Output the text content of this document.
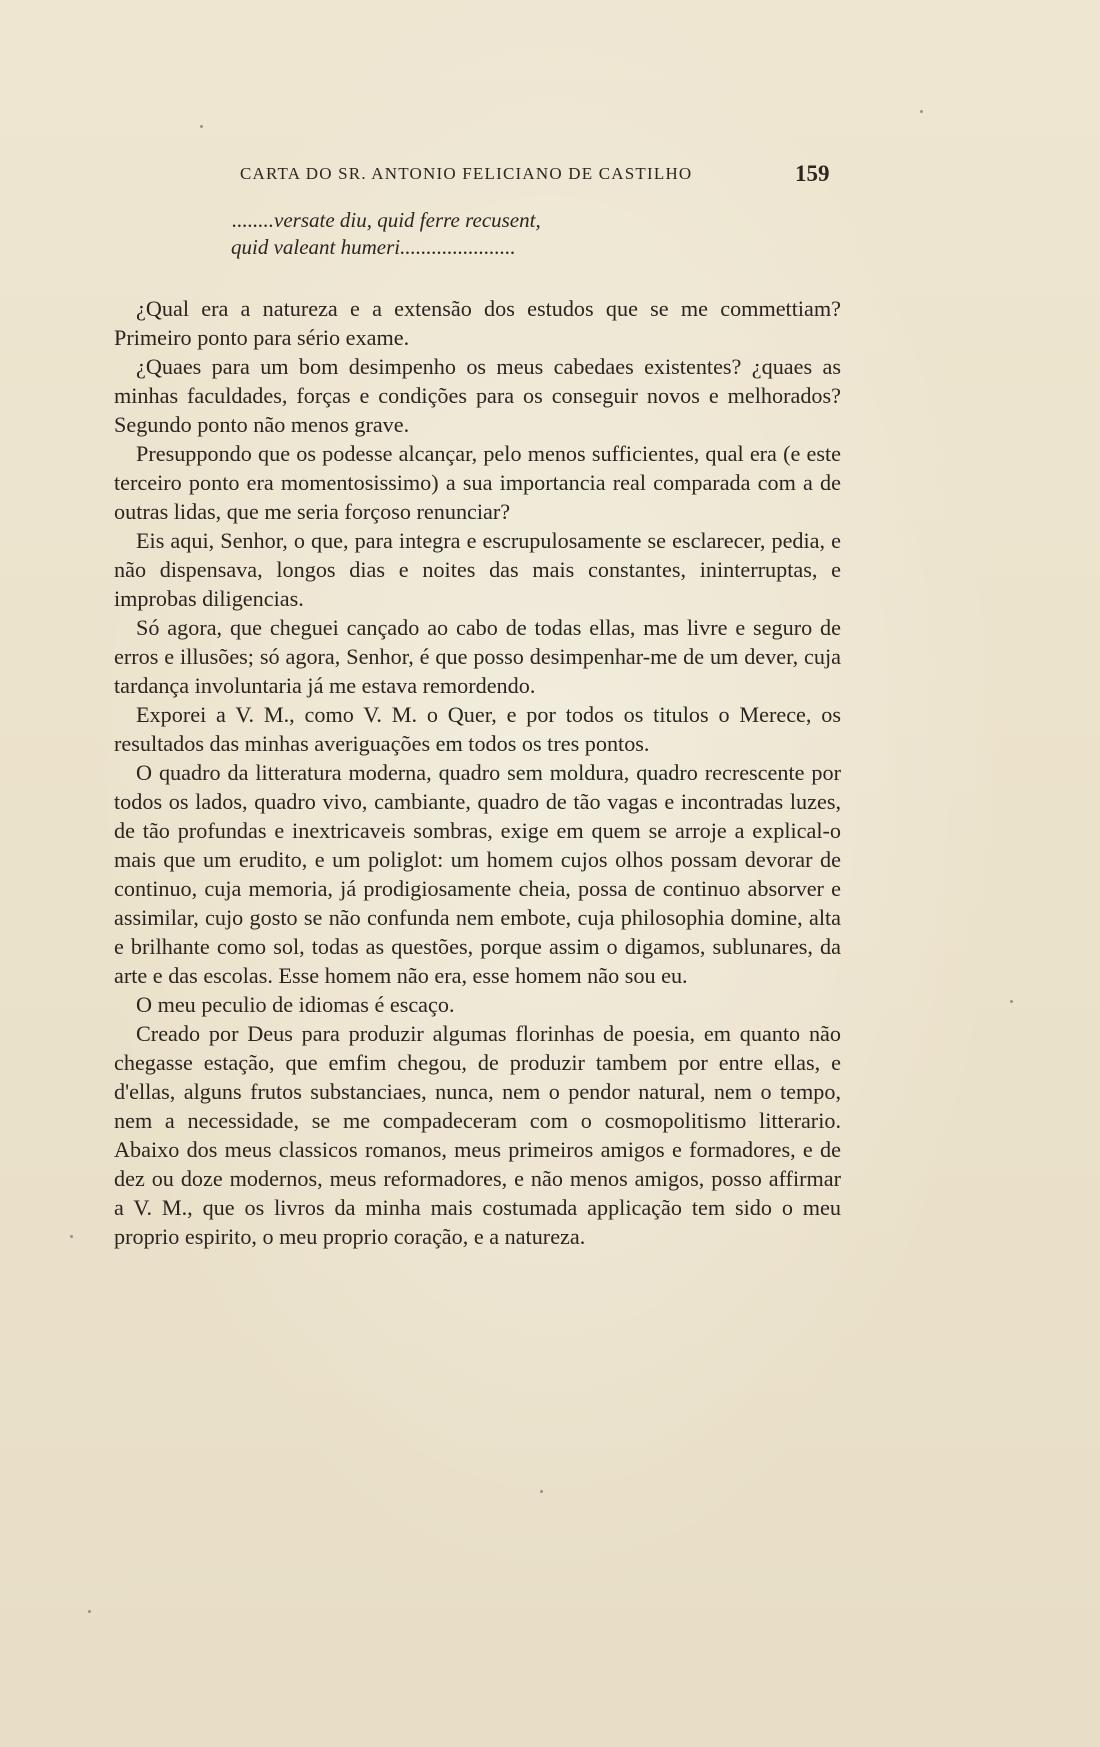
CARTA DO SR. ANTONIO FELICIANO DE CASTILHO	159
........versate diu, quid ferre recusent,
quid valeant humeri......................

¿Qual era a natureza e a extensão dos estudos que se me commettiam? Primeiro ponto para sério exame.

¿Quaes para um bom desimpenho os meus cabedaes existentes? ¿quaes as minhas faculdades, forças e condições para os conseguir novos e melhorados? Segundo ponto não menos grave.

Presuppondo que os podesse alcançar, pelo menos sufficientes, qual era (e este terceiro ponto era momentosissimo) a sua importancia real comparada com a de outras lidas, que me seria forçoso renunciar?

Eis aqui, Senhor, o que, para integra e escrupulosamente se esclarecer, pedia, e não dispensava, longos dias e noites das mais constantes, ininterruptas, e improbas diligencias.

Só agora, que cheguei cançado ao cabo de todas ellas, mas livre e seguro de erros e illusões; só agora, Senhor, é que posso desimpenhar-me de um dever, cuja tardança involuntaria já me estava remordendo.

Exporei a V. M., como V. M. o Quer, e por todos os titulos o Merece, os resultados das minhas averiguações em todos os tres pontos.

O quadro da litteratura moderna, quadro sem moldura, quadro recrescente por todos os lados, quadro vivo, cambiante, quadro de tão vagas e incontradas luzes, de tão profundas e inextricaveis sombras, exige em quem se arroje a explical-o mais que um erudito, e um poliglot: um homem cujos olhos possam devorar de continuo, cuja memoria, já prodigiosamente cheia, possa de continuo absorver e assimilar, cujo gosto se não confunda nem embote, cuja philosophia domine, alta e brilhante como sol, todas as questões, porque assim o digamos, sublunares, da arte e das escolas. Esse homem não era, esse homem não sou eu.

O meu peculio de idiomas é escaço.

Creado por Deus para produzir algumas florinhas de poesia, em quanto não chegasse estação, que emfim chegou, de produzir tambem por entre ellas, e d'ellas, alguns frutos substanciaes, nunca, nem o pendor natural, nem o tempo, nem a necessidade, se me compadeceram com o cosmopolitismo litterario. Abaixo dos meus classicos romanos, meus primeiros amigos e formadores, e de dez ou doze modernos, meus reformadores, e não menos amigos, posso affirmar a V. M., que os livros da minha mais costumada applicação tem sido o meu proprio espirito, o meu proprio coração, e a natureza.
